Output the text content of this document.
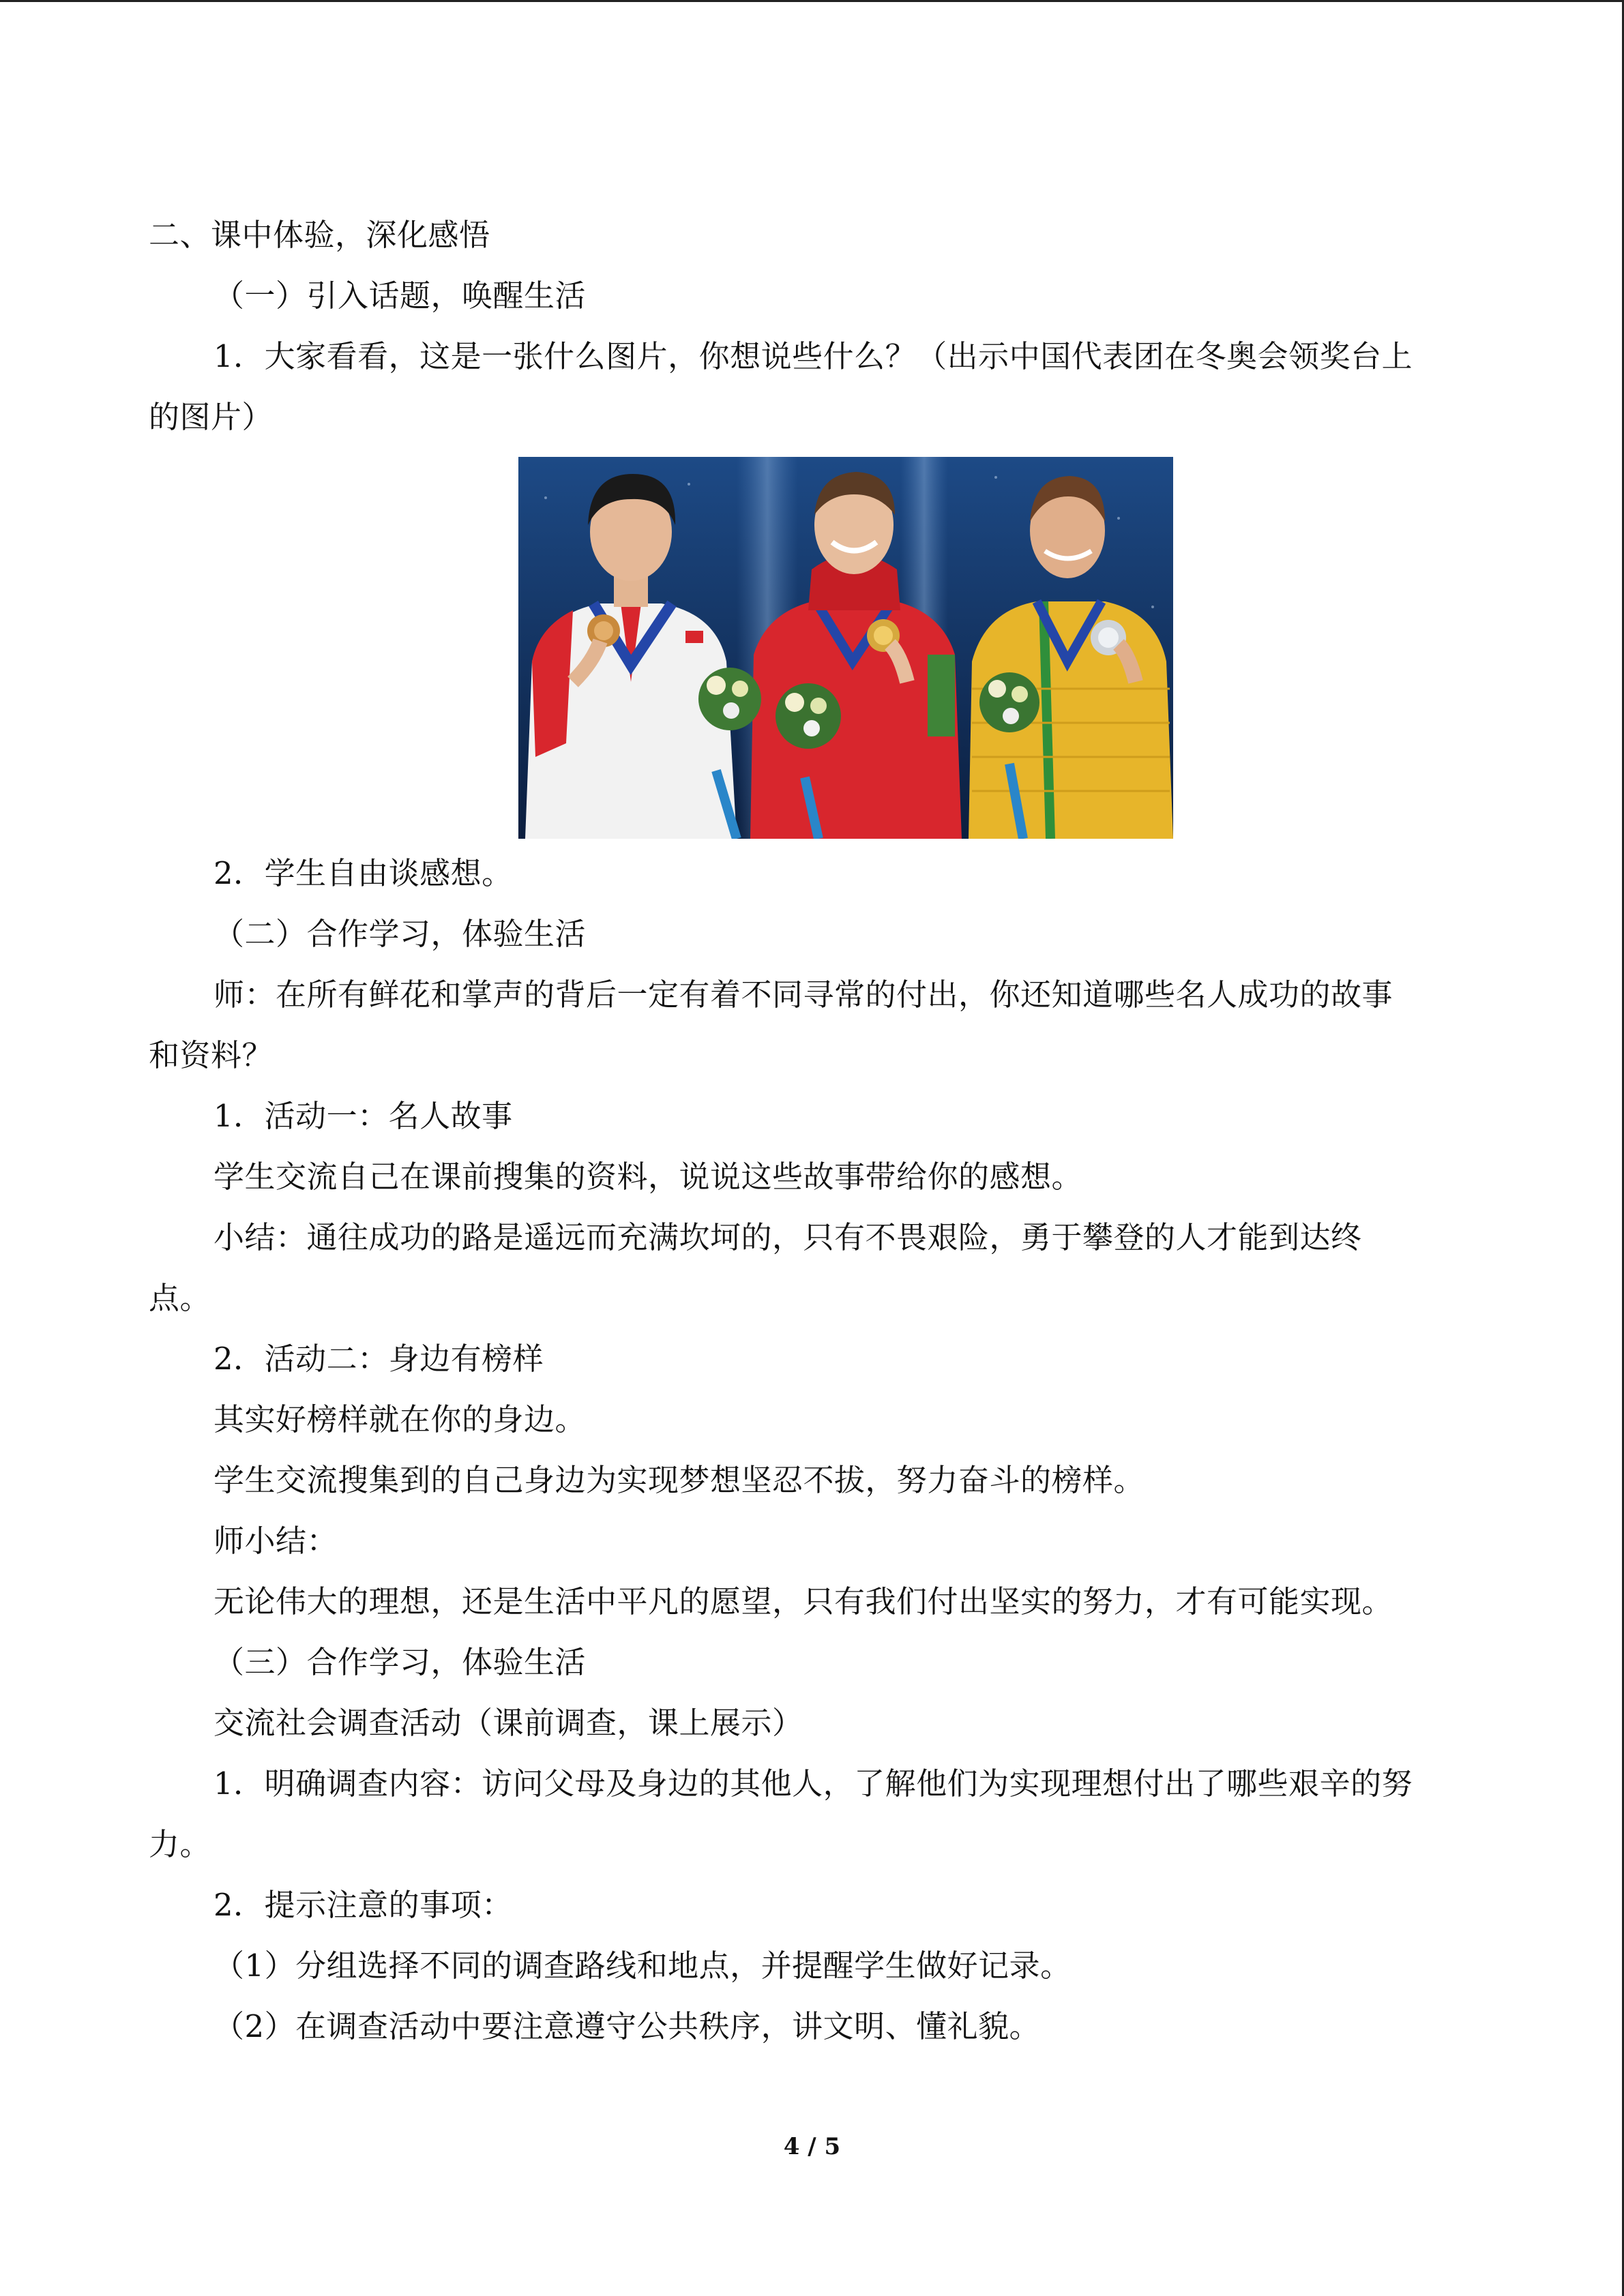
二、课中体验，深化感悟
（一）引入话题，唤醒生活
1．大家看看，这是一张什么图片，你想说些什么？（出示中国代表团在冬奥会领奖台上
的图片）
2．学生自由谈感想。
（二）合作学习，体验生活
师：在所有鲜花和掌声的背后一定有着不同寻常的付出，你还知道哪些名人成功的故事
和资料？
1．活动一：名人故事
学生交流自己在课前搜集的资料，说说这些故事带给你的感想。
小结：通往成功的路是遥远而充满坎坷的，只有不畏艰险，勇于攀登的人才能到达终
点。
2．活动二：身边有榜样
其实好榜样就在你的身边。
学生交流搜集到的自己身边为实现梦想坚忍不拔，努力奋斗的榜样。
师小结：
无论伟大的理想，还是生活中平凡的愿望，只有我们付出坚实的努力，才有可能实现。
（三）合作学习，体验生活
交流社会调查活动（课前调查，课上展示）
1．明确调查内容：访问父母及身边的其他人，了解他们为实现理想付出了哪些艰辛的努
力。
2．提示注意的事项：
（1）分组选择不同的调查路线和地点，并提醒学生做好记录。
（2）在调查活动中要注意遵守公共秩序，讲文明、懂礼貌。
4 / 5
